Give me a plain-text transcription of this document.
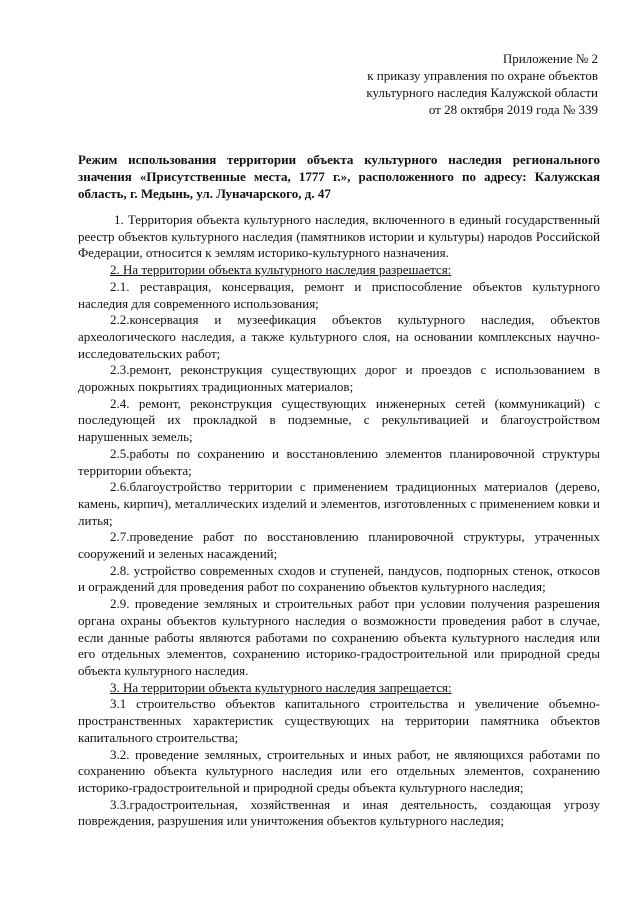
Приложение № 2
к приказу управления по охране объектов
культурного наследия Калужской области
от 28 октября 2019 года № 339
Режим использования территории объекта культурного наследия регионального значения «Присутственные места, 1777 г.», расположенного по адресу: Калужская область, г. Медынь, ул. Луначарского, д. 47

1. Территория объекта культурного наследия, включенного в единый государственный реестр объектов культурного наследия (памятников истории и культуры) народов Российской Федерации, относится к землям историко-культурного назначения.

2. На территории объекта культурного наследия разрешается:

2.1. реставрация, консервация, ремонт и приспособление объектов культурного наследия для современного использования;

2.2.консервация и музеефикация объектов культурного наследия, объектов археологического наследия, а также культурного слоя, на основании комплексных научно-исследовательских работ;

2.3.ремонт, реконструкция существующих дорог и проездов с использованием в дорожных покрытиях традиционных материалов;

2.4. ремонт, реконструкция существующих инженерных сетей (коммуникаций) с последующей их прокладкой в подземные, с рекультивацией и благоустройством нарушенных земель;

2.5.работы по сохранению и восстановлению элементов планировочной структуры территории объекта;

2.6.благоустройство территории с применением традиционных материалов (дерево, камень, кирпич), металлических изделий и элементов, изготовленных с применением ковки и литья;

2.7.проведение работ по восстановлению планировочной структуры, утраченных сооружений и зеленых насаждений;

2.8. устройство современных сходов и ступеней, пандусов, подпорных стенок, откосов и ограждений для проведения работ по сохранению объектов культурного наследия;

2.9. проведение земляных и строительных работ при условии получения разрешения органа охраны объектов культурного наследия о возможности проведения работ в случае, если данные работы являются работами по сохранению объекта культурного наследия или его отдельных элементов, сохранению историко-градостроительной или природной среды объекта культурного наследия.

3. На территории объекта культурного наследия запрещается:

3.1 строительство объектов капитального строительства и увеличение объемно-пространственных характеристик существующих на территории памятника объектов капитального строительства;

3.2. проведение земляных, строительных и иных работ, не являющихся работами по сохранению объекта культурного наследия или его отдельных элементов, сохранению историко-градостроительной и природной среды объекта культурного наследия;

3.3.градостроительная, хозяйственная и иная деятельность, создающая угрозу повреждения, разрушения или уничтожения объектов культурного наследия;
